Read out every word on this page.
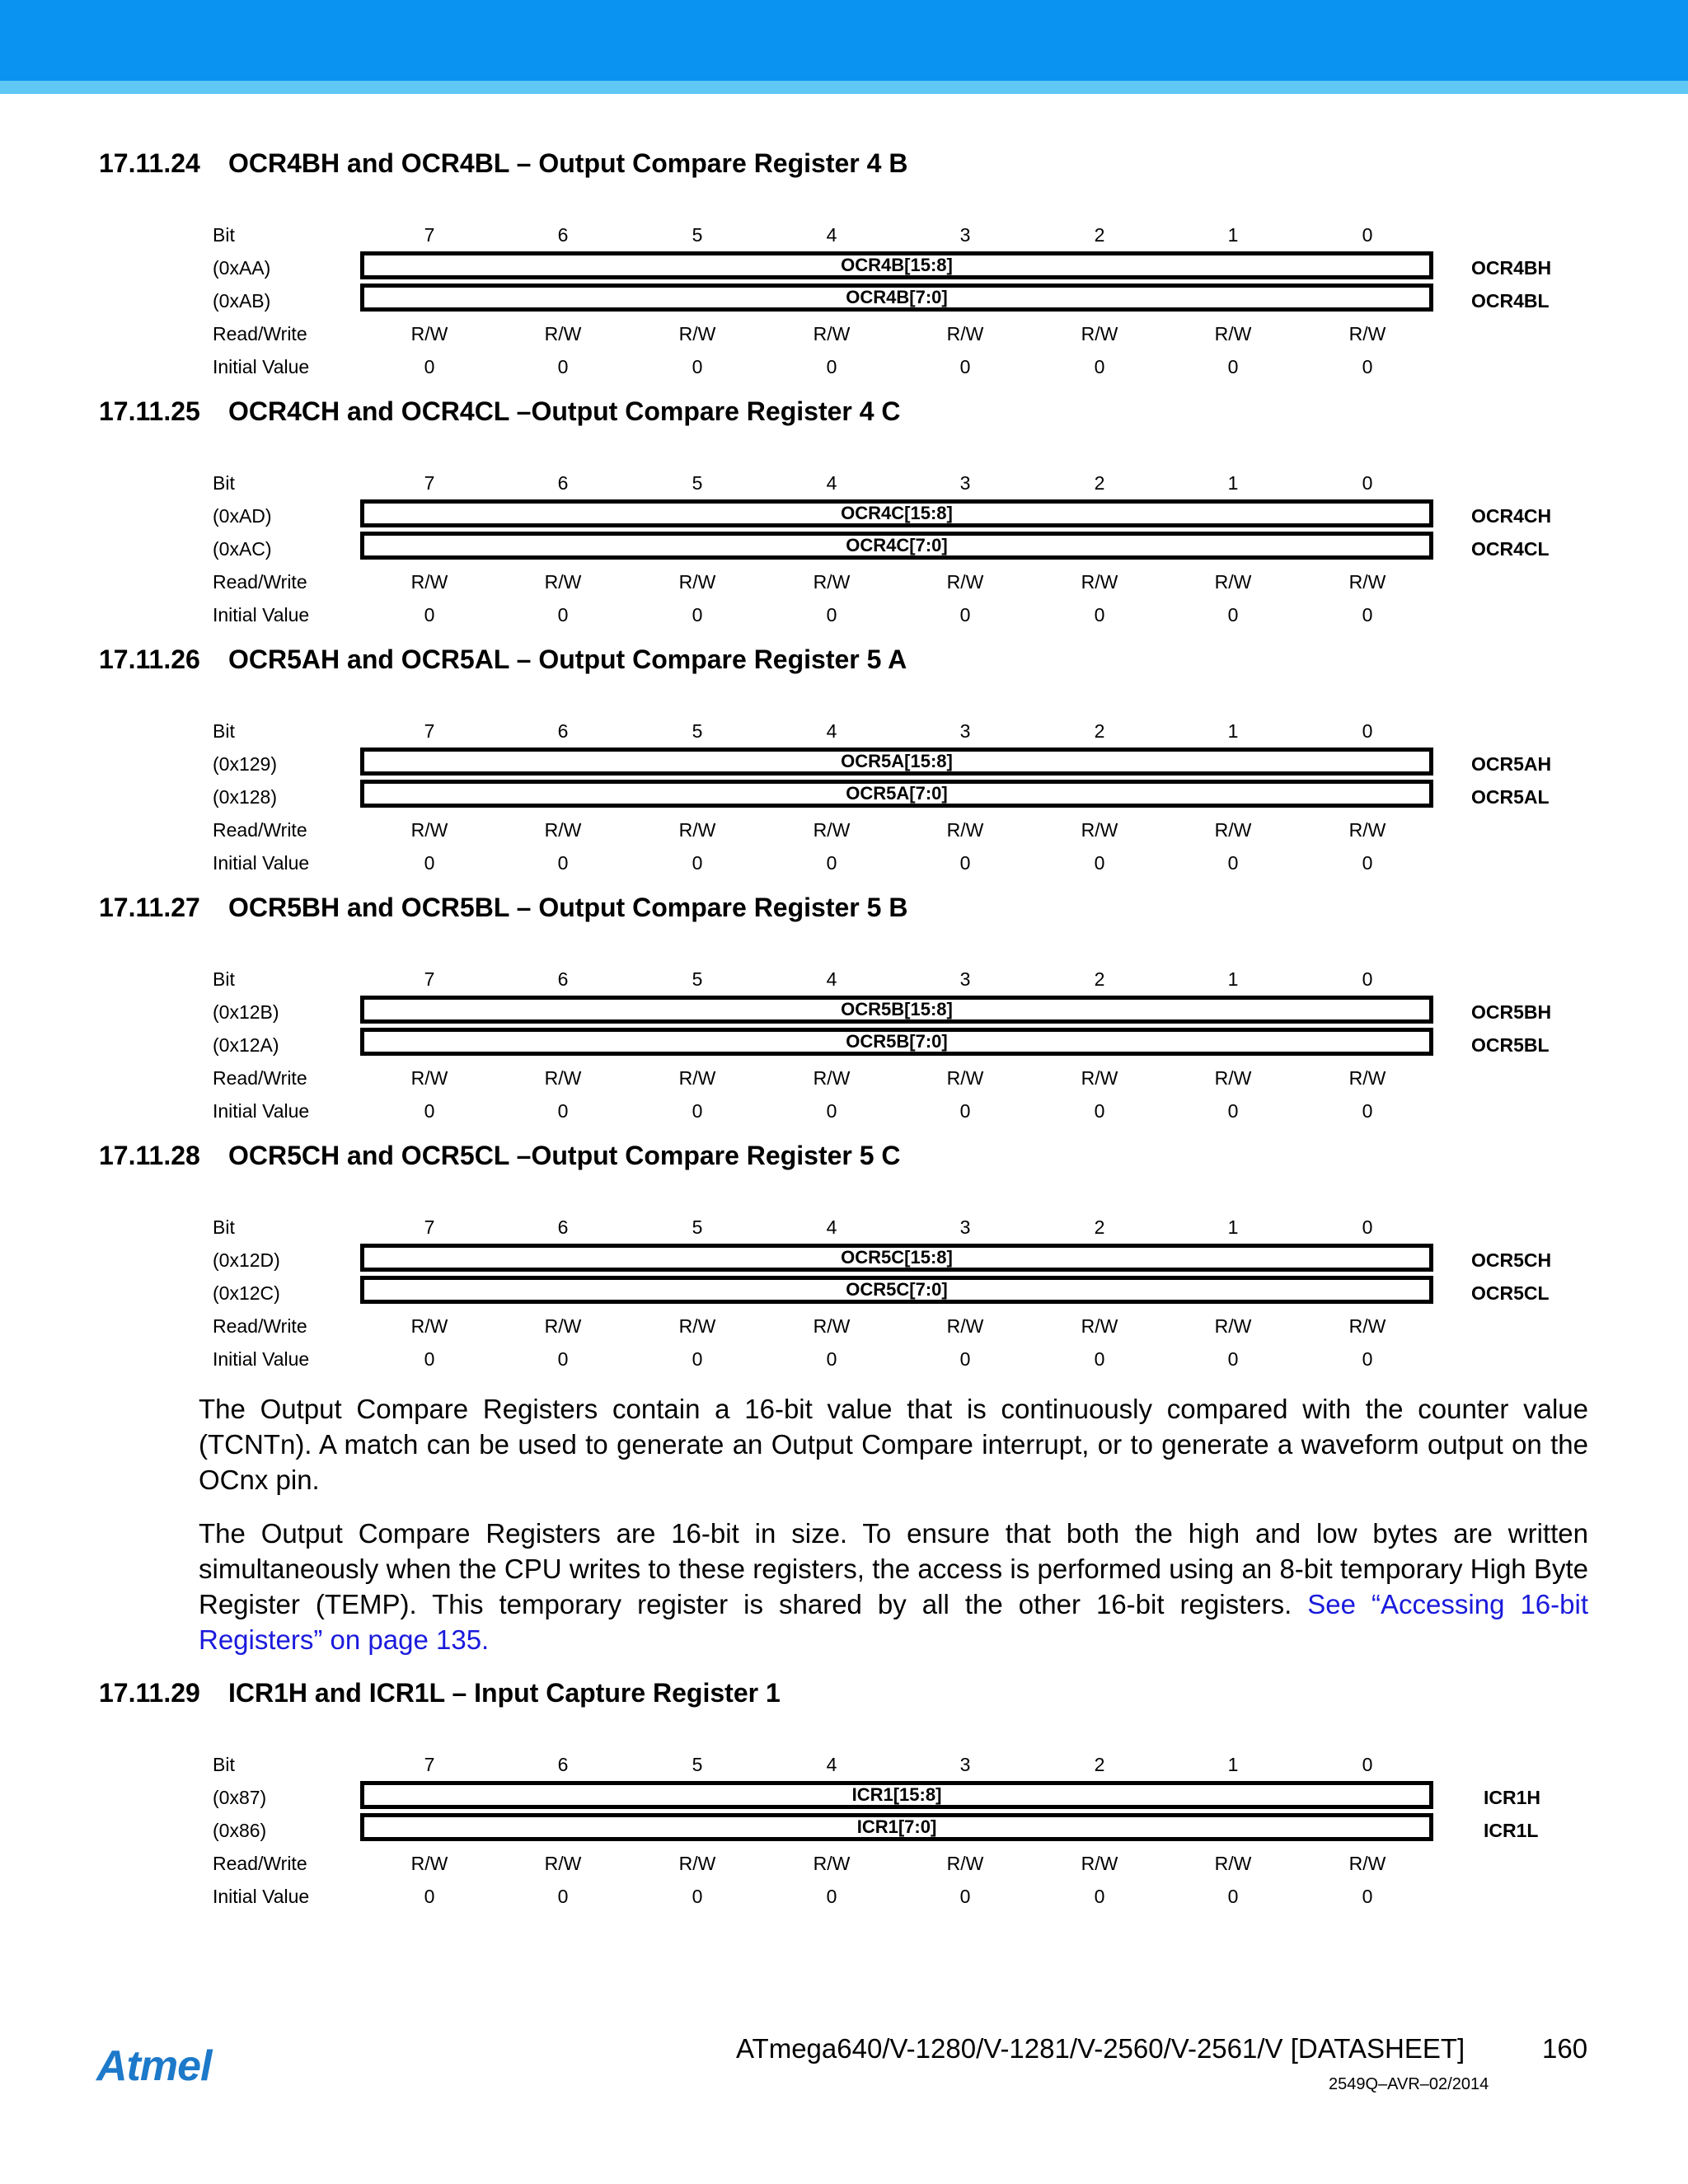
17.11.24 OCR4BH and OCR4BL – Output Compare Register 4 B
Bit	7	6	5	4	3	2	1	0
(0xAA)	OCR4B[15:8]	OCR4BH
(0xAB)	OCR4B[7:0]	OCR4BL
Read/Write	R/W	R/W	R/W	R/W	R/W	R/W	R/W	R/W
Initial Value	0	0	0	0	0	0	0	0
17.11.25 OCR4CH and OCR4CL –Output Compare Register 4 C
Bit	7	6	5	4	3	2	1	0
(0xAD)	OCR4C[15:8]	OCR4CH
(0xAC)	OCR4C[7:0]	OCR4CL
Read/Write	R/W	R/W	R/W	R/W	R/W	R/W	R/W	R/W
Initial Value	0	0	0	0	0	0	0	0
17.11.26 OCR5AH and OCR5AL – Output Compare Register 5 A
Bit	7	6	5	4	3	2	1	0
(0x129)	OCR5A[15:8]	OCR5AH
(0x128)	OCR5A[7:0]	OCR5AL
Read/Write	R/W	R/W	R/W	R/W	R/W	R/W	R/W	R/W
Initial Value	0	0	0	0	0	0	0	0
17.11.27 OCR5BH and OCR5BL – Output Compare Register 5 B
Bit	7	6	5	4	3	2	1	0
(0x12B)	OCR5B[15:8]	OCR5BH
(0x12A)	OCR5B[7:0]	OCR5BL
Read/Write	R/W	R/W	R/W	R/W	R/W	R/W	R/W	R/W
Initial Value	0	0	0	0	0	0	0	0
17.11.28 OCR5CH and OCR5CL –Output Compare Register 5 C
Bit	7	6	5	4	3	2	1	0
(0x12D)	OCR5C[15:8]	OCR5CH
(0x12C)	OCR5C[7:0]	OCR5CL
Read/Write	R/W	R/W	R/W	R/W	R/W	R/W	R/W	R/W
Initial Value	0	0	0	0	0	0	0	0

The Output Compare Registers contain a 16-bit value that is continuously compared with the counter value (TCNTn). A match can be used to generate an Output Compare interrupt, or to generate a waveform output on the OCnx pin.

The Output Compare Registers are 16-bit in size. To ensure that both the high and low bytes are written simultaneously when the CPU writes to these registers, the access is performed using an 8-bit temporary High Byte Register (TEMP). This temporary register is shared by all the other 16-bit registers. See “Accessing 16-bit Registers” on page 135.

17.11.29 ICR1H and ICR1L – Input Capture Register 1
Bit	7	6	5	4	3	2	1	0
(0x87)	ICR1[15:8]	ICR1H
(0x86)	ICR1[7:0]	ICR1L
Read/Write	R/W	R/W	R/W	R/W	R/W	R/W	R/W	R/W
Initial Value	0	0	0	0	0	0	0	0
Atmel	ATmega640/V-1280/V-1281/V-2560/V-2561/V [DATASHEET]	160
2549Q–AVR–02/2014
